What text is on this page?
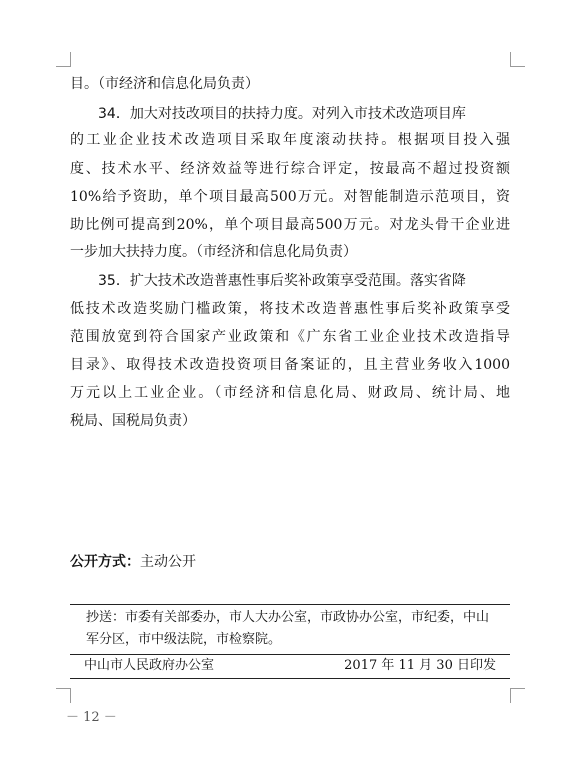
目。（市经济和信息化局负责）
34．加大对技改项目的扶持力度。对列入市技术改造项目库
的工业企业技术改造项目采取年度滚动扶持。根据项目投入强
度、技术水平、经济效益等进行综合评定，按最高不超过投资额
10%给予资助，单个项目最高500万元。对智能制造示范项目，资
助比例可提高到20%，单个项目最高500万元。对龙头骨干企业进
一步加大扶持力度。（市经济和信息化局负责）
35．扩大技术改造普惠性事后奖补政策享受范围。落实省降
低技术改造奖励门槛政策，将技术改造普惠性事后奖补政策享受
范围放宽到符合国家产业政策和《广东省工业企业技术改造指导
目录》、取得技术改造投资项目备案证的，且主营业务收入1000
万元以上工业企业。（市经济和信息化局、财政局、统计局、地
税局、国税局负责）
公开方式：主动公开
抄送：市委有关部委办，市人大办公室，市政协办公室，市纪委，中山
军分区，市中级法院，市检察院。
中山市人民政府办公室	2017 年 11 月 30 日印发
－ 12 －
